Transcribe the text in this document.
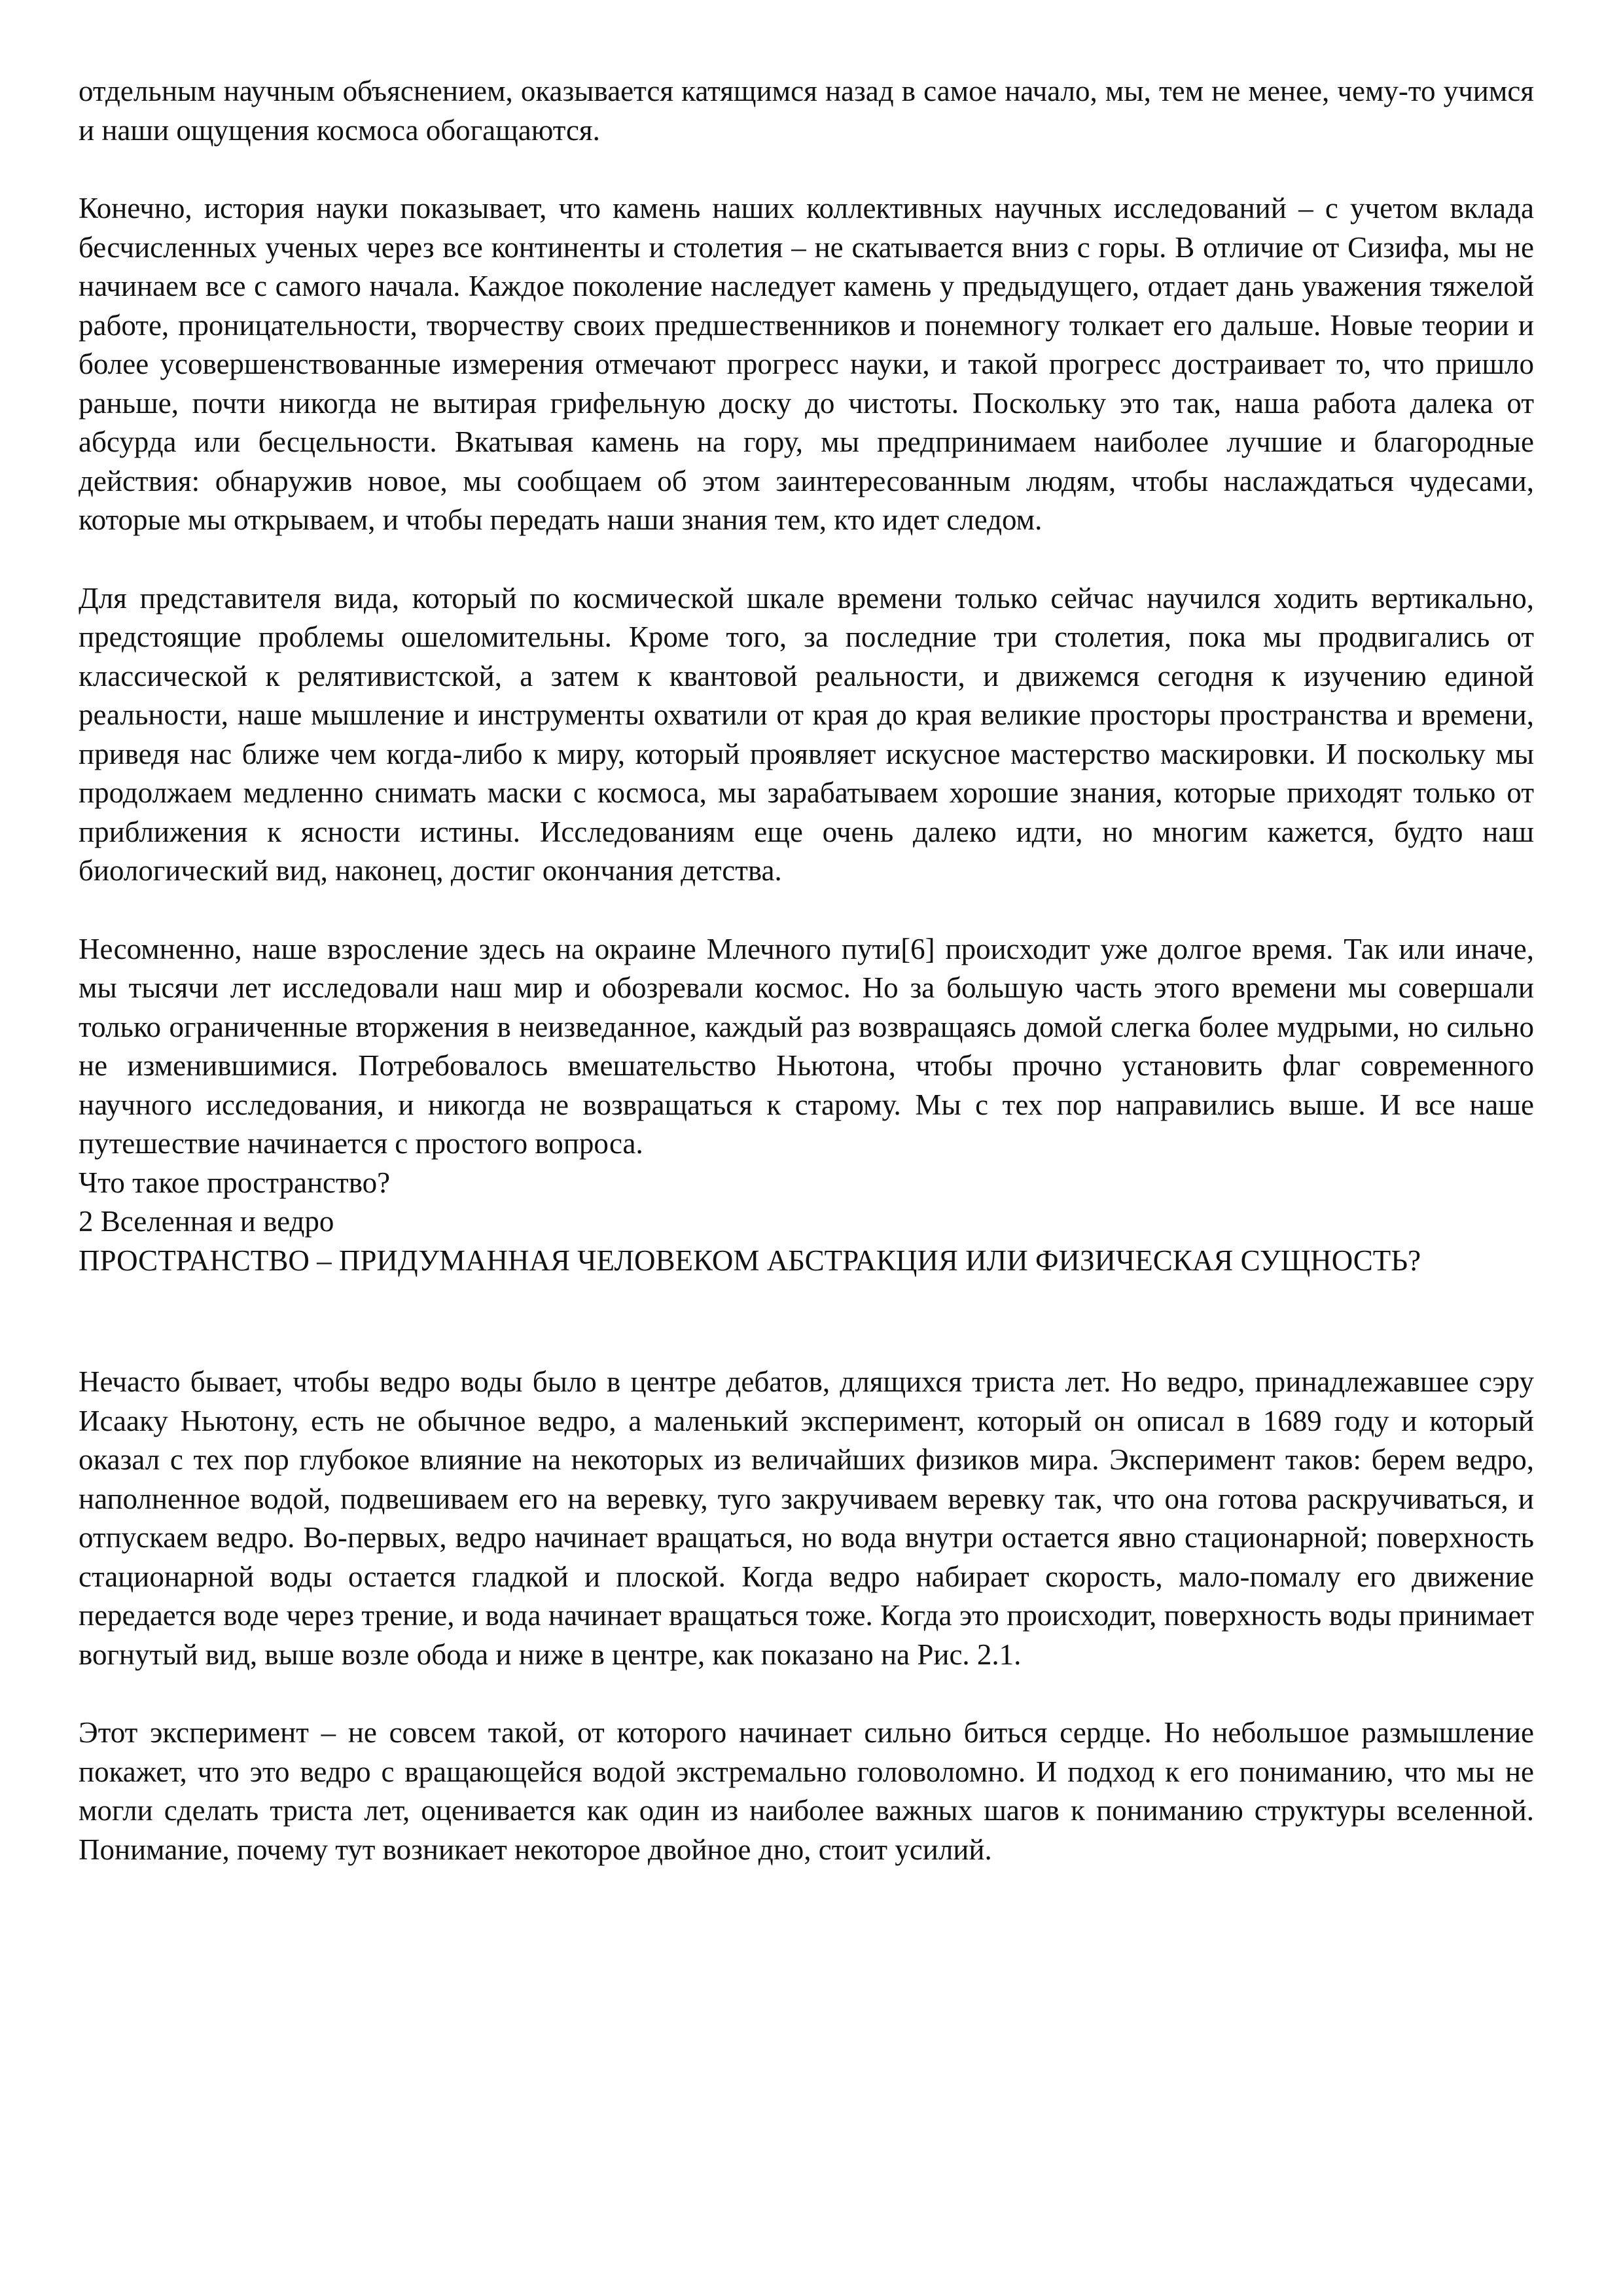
отдельным научным объяснением, оказывается катящимся назад в самое начало, мы, тем не менее, чему-то учимся и наши ощущения космоса обогащаются.

Конечно, история науки показывает, что камень наших коллективных научных исследований – с учетом вклада бесчисленных ученых через все континенты и столетия – не скатывается вниз с горы. В отличие от Сизифа, мы не начинаем все с самого начала. Каждое поколение наследует камень у предыдущего, отдает дань уважения тяжелой работе, проницательности, творчеству своих предшественников и понемногу толкает его дальше. Новые теории и более усовершенствованные измерения отмечают прогресс науки, и такой прогресс достраивает то, что пришло раньше, почти никогда не вытирая грифельную доску до чистоты. Поскольку это так, наша работа далека от абсурда или бесцельности. Вкатывая камень на гору, мы предпринимаем наиболее лучшие и благородные действия: обнаружив новое, мы сообщаем об этом заинтересованным людям, чтобы наслаждаться чудесами, которые мы открываем, и чтобы передать наши знания тем, кто идет следом.

Для представителя вида, который по космической шкале времени только сейчас научился ходить вертикально, предстоящие проблемы ошеломительны. Кроме того, за последние три столетия, пока мы продвигались от классической к релятивистской, а затем к квантовой реальности, и движемся сегодня к изучению единой реальности, наше мышление и инструменты охватили от края до края великие просторы пространства и времени, приведя нас ближе чем когда-либо к миру, который проявляет искусное мастерство маскировки. И поскольку мы продолжаем медленно снимать маски с космоса, мы зарабатываем хорошие знания, которые приходят только от приближения к ясности истины. Исследованиям еще очень далеко идти, но многим кажется, будто наш биологический вид, наконец, достиг окончания детства.

Несомненно, наше взросление здесь на окраине Млечного пути[6] происходит уже долгое время. Так или иначе, мы тысячи лет исследовали наш мир и обозревали космос. Но за большую часть этого времени мы совершали только ограниченные вторжения в неизведанное, каждый раз возвращаясь домой слегка более мудрыми, но сильно не изменившимися. Потребовалось вмешательство Ньютона, чтобы прочно установить флаг современного научного исследования, и никогда не возвращаться к старому. Мы с тех пор направились выше. И все наше путешествие начинается с простого вопроса.

Что такое пространство?

2 Вселенная и ведро

ПРОСТРАНСТВО – ПРИДУМАННАЯ ЧЕЛОВЕКОМ АБСТРАКЦИЯ ИЛИ ФИЗИЧЕСКАЯ СУЩНОСТЬ?

Нечасто бывает, чтобы ведро воды было в центре дебатов, длящихся триста лет. Но ведро, принадлежавшее сэру Исааку Ньютону, есть не обычное ведро, а маленький эксперимент, который он описал в 1689 году и который оказал с тех пор глубокое влияние на некоторых из величайших физиков мира. Эксперимент таков: берем ведро, наполненное водой, подвешиваем его на веревку, туго закручиваем веревку так, что она готова раскручиваться, и отпускаем ведро. Во-первых, ведро начинает вращаться, но вода внутри остается явно стационарной; поверхность стационарной воды остается гладкой и плоской. Когда ведро набирает скорость, мало-помалу его движение передается воде через трение, и вода начинает вращаться тоже. Когда это происходит, поверхность воды принимает вогнутый вид, выше возле обода и ниже в центре, как показано на Рис. 2.1.

Этот эксперимент – не совсем такой, от которого начинает сильно биться сердце. Но небольшое размышление покажет, что это ведро с вращающейся водой экстремально головоломно. И подход к его пониманию, что мы не могли сделать триста лет, оценивается как один из наиболее важных шагов к пониманию структуры вселенной. Понимание, почему тут возникает некоторое двойное дно, стоит усилий.
